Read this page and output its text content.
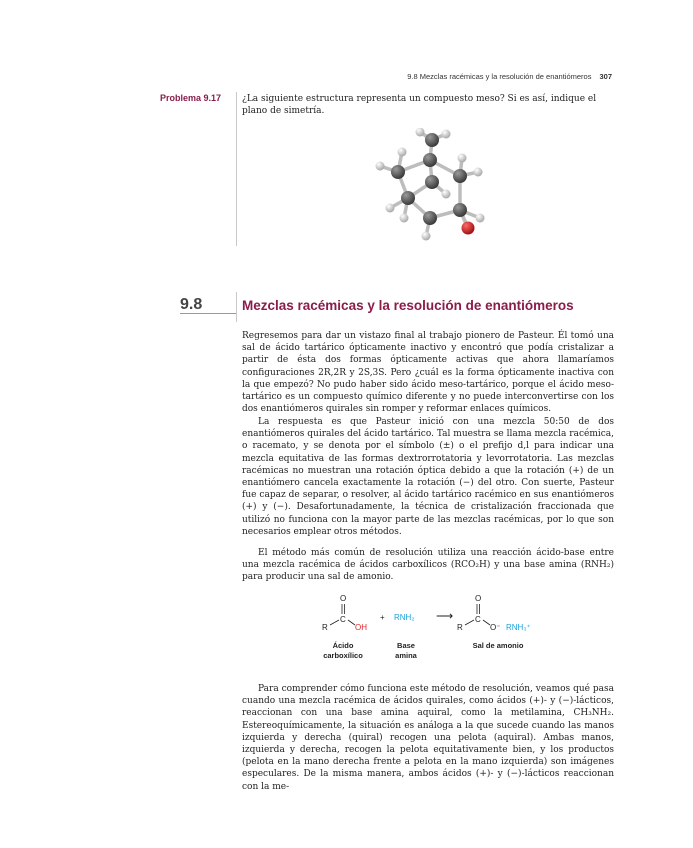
9.8 Mezclas racémicas y la resolución de enantiómeros 307
Problema 9.17 ¿La siguiente estructura representa un compuesto meso? Si es así, indique el plano de simetría.
9.8	Mezclas racémicas y la resolución de enantiómeros

Regresemos para dar un vistazo final al trabajo pionero de Pasteur. Él tomó una sal de ácido tartárico ópticamente inactivo y encontró que podía cristalizar a partir de ésta dos formas ópticamente activas que ahora llamaríamos configuraciones 2R,2R y 2S,3S. Pero ¿cuál es la forma ópticamente inactiva con la que empezó? No pudo haber sido ácido meso-tartárico, porque el ácido meso-tartárico es un compuesto químico diferente y no puede interconvertirse con los dos enantiómeros quirales sin romper y reformar enlaces químicos.

La respuesta es que Pasteur inició con una mezcla 50:50 de dos enantiómeros quirales del ácido tartárico. Tal muestra se llama mezcla racémica, o racemato, y se denota por el símbolo (±) o el prefijo d,l para indicar una mezcla equitativa de las formas dextrorrotatoria y levorrotatoria. Las mezclas racémicas no muestran una rotación óptica debido a que la rotación (+) de un enantiómero cancela exactamente la rotación (−) del otro. Con suerte, Pasteur fue capaz de separar, o resolver, al ácido tartárico racémico en sus enantiómeros (+) y (−). Desafortunadamente, la técnica de cristalización fraccionada que utilizó no funciona con la mayor parte de las mezclas racémicas, por lo que son necesarios emplear otros métodos.

El método más común de resolución utiliza una reacción ácido-base entre una mezcla racémica de ácidos carboxílicos (RCO₂H) y una base amina (RNH₂) para producir una sal de amonio.

O
C
R	OH
+ RNH₂ ⟶
O
C
R	O⁻ RNH₃⁺
Ácido
carboxílico
Base
amina
Sal de amonio

Para comprender cómo funciona este método de resolución, veamos qué pasa cuando una mezcla racémica de ácidos quirales, como ácidos (+)- y (−)-lácticos, reaccionan con una base amina aquiral, como la metilamina, CH₃NH₂. Estereoquímicamente, la situación es análoga a la que sucede cuando las manos izquierda y derecha (quiral) recogen una pelota (aquiral). Ambas manos, izquierda y derecha, recogen la pelota equitativamente bien, y los productos (pelota en la mano derecha frente a pelota en la mano izquierda) son imágenes especulares. De la misma manera, ambos ácidos (+)- y (−)-lácticos reaccionan con la me-
